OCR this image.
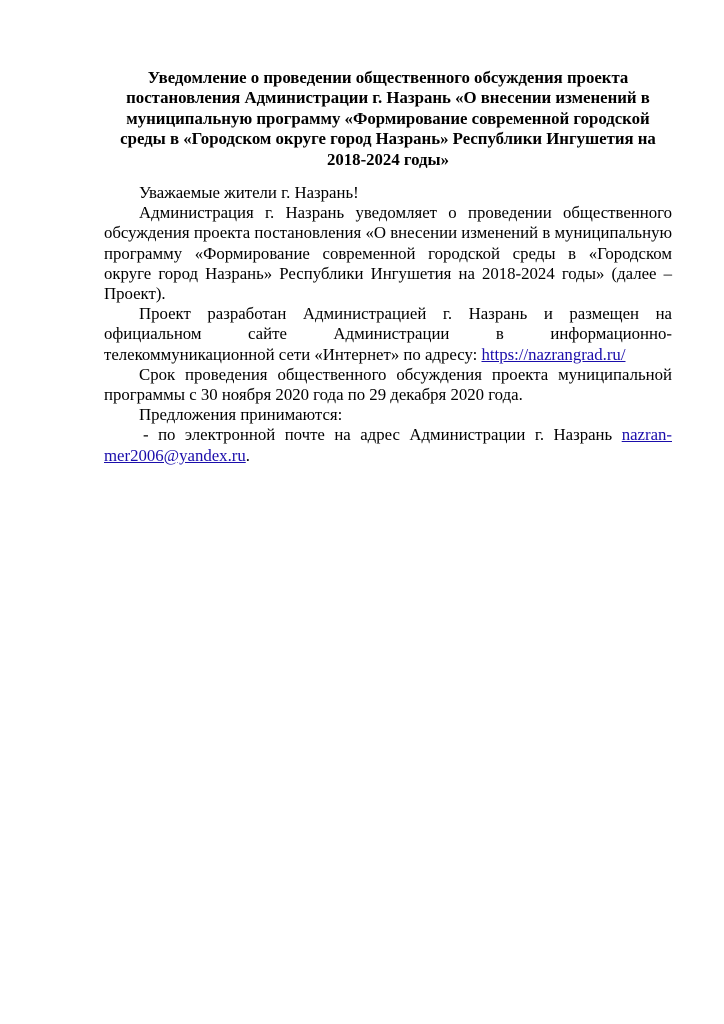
Уведомление о проведении общественного обсуждения проекта постановления Администрации г. Назрань «О внесении изменений в муниципальную программу «Формирование современной городской среды в «Городском округе город Назрань» Республики Ингушетия на 2018-2024 годы»

Уважаемые жители г. Назрань!

Администрация г. Назрань уведомляет о проведении общественного обсуждения проекта постановления «О внесении изменений в муниципальную программу «Формирование современной городской среды в «Городском округе город Назрань» Республики Ингушетия на 2018-2024 годы» (далее – Проект).

Проект разработан Администрацией г. Назрань и размещен на официальном сайте Администрации в информационно-телекоммуникационной сети «Интернет» по адресу: https://nazrangrad.ru/

Срок проведения общественного обсуждения проекта муниципальной программы с 30 ноября 2020 года по 29 декабря 2020 года.

Предложения принимаются:

- по электронной почте на адрес Администрации г. Назрань nazran-mer2006@yandex.ru.
